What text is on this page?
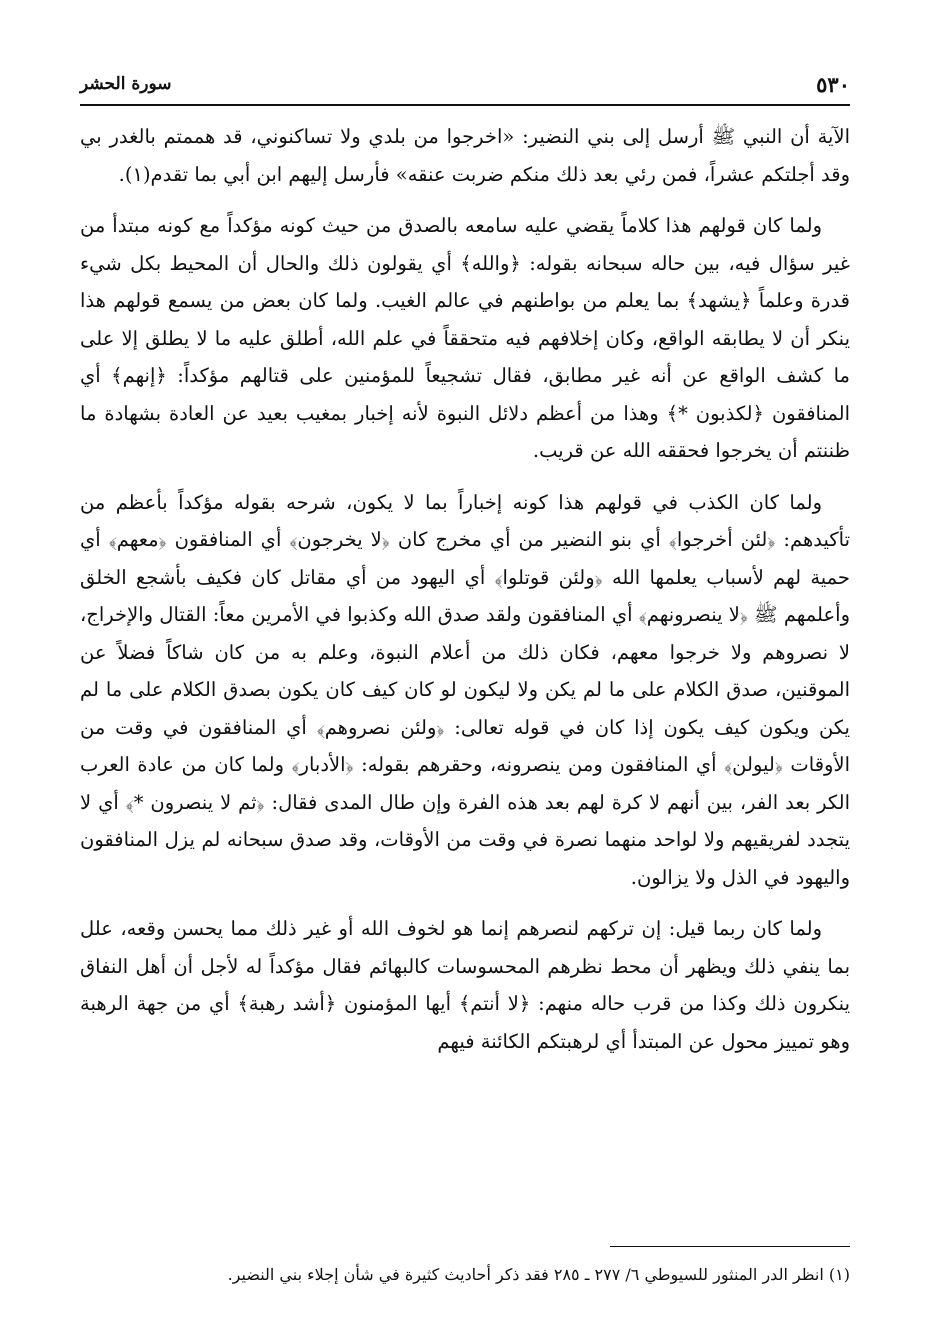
٥٣٠
سورة الحشر

الآية أن النبي ﷺ أرسل إلى بني النضير: «اخرجوا من بلدي ولا تساكنوني، قد هممتم بالغدر بي وقد أجلتكم عشراً، فمن رئي بعد ذلك منكم ضربت عنقه» فأرسل إليهم ابن أبي بما تقدم(١).

ولما كان قولهم هذا كلاماً يقضي عليه سامعه بالصدق من حيث كونه مؤكداً مع كونه مبتدأ من غير سؤال فيه، بين حاله سبحانه بقوله: ﴿والله﴾ أي يقولون ذلك والحال أن المحيط بكل شيء قدرة وعلماً ﴿يشهد﴾ بما يعلم من بواطنهم في عالم الغيب. ولما كان بعض من يسمع قولهم هذا ينكر أن لا يطابقه الواقع، وكان إخلافهم فيه متحققاً في علم الله، أطلق عليه ما لا يطلق إلا على ما كشف الواقع عن أنه غير مطابق، فقال تشجيعاً للمؤمنين على قتالهم مؤكداً: ﴿إنهم﴾ أي المنافقون ﴿لكذبون *﴾ وهذا من أعظم دلائل النبوة لأنه إخبار بمغيب بعيد عن العادة بشهادة ما ظننتم أن يخرجوا فحققه الله عن قريب.

ولما كان الكذب في قولهم هذا كونه إخباراً بما لا يكون، شرحه بقوله مؤكداً بأعظم من تأكيدهم: ﴿لئن أخرجوا﴾ أي بنو النضير من أي مخرج كان ﴿لا يخرجون﴾ أي المنافقون ﴿معهم﴾ أي حمية لهم لأسباب يعلمها الله ﴿ولئن قوتلوا﴾ أي اليهود من أي مقاتل كان فكيف بأشجع الخلق وأعلمهم ﷺ ﴿لا ينصرونهم﴾ أي المنافقون ولقد صدق الله وكذبوا في الأمرين معاً: القتال والإخراج، لا نصروهم ولا خرجوا معهم، فكان ذلك من أعلام النبوة، وعلم به من كان شاكاً فضلاً عن الموقنين، صدق الكلام على ما لم يكن ولا ليكون لو كان كيف كان يكون بصدق الكلام على ما لم يكن ويكون كيف يكون إذا كان في قوله تعالى: ﴿ولئن نصروهم﴾ أي المنافقون في وقت من الأوقات ﴿ليولن﴾ أي المنافقون ومن ينصرونه، وحقرهم بقوله: ﴿الأدبار﴾ ولما كان من عادة العرب الكر بعد الفر، بين أنهم لا كرة لهم بعد هذه الفرة وإن طال المدى فقال: ﴿ثم لا ينصرون *﴾ أي لا يتجدد لفريقيهم ولا لواحد منهما نصرة في وقت من الأوقات، وقد صدق سبحانه لم يزل المنافقون واليهود في الذل ولا يزالون.

ولما كان ربما قيل: إن تركهم لنصرهم إنما هو لخوف الله أو غير ذلك مما يحسن وقعه، علل بما ينفي ذلك ويظهر أن محط نظرهم المحسوسات كالبهائم فقال مؤكداً له لأجل أن أهل النفاق ينكرون ذلك وكذا من قرب حاله منهم: ﴿لا أنتم﴾ أيها المؤمنون ﴿أشد رهبة﴾ أي من جهة الرهبة وهو تمييز محول عن المبتدأ أي لرهبتكم الكائنة فيهم

(١) انظر الدر المنثور للسيوطي ٦/ ٢٧٧ ـ ٢٨٥ فقد ذكر أحاديث كثيرة في شأن إجلاء بني النضير.
